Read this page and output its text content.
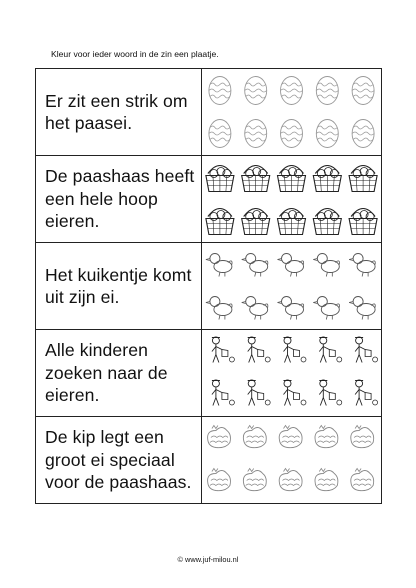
Kleur voor ieder woord in de zin een plaatje.
Er zit een strik om het paasei.

De paashaas heeft een hele hoop eieren.

Het kuikentje komt uit zijn ei.

Alle kinderen zoeken naar de eieren.

De kip legt een groot ei speciaal voor de paashaas.

© www.juf-milou.nl
